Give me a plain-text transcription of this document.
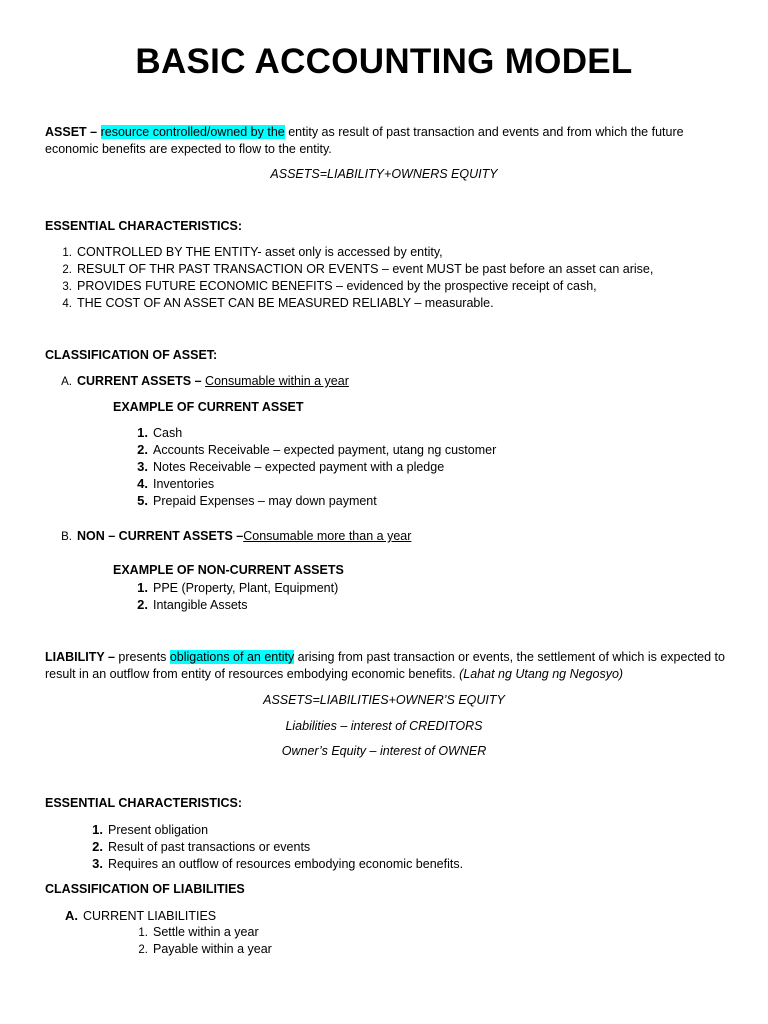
BASIC ACCOUNTING MODEL
ASSET – resource controlled/owned by the entity as result of past transaction and events and from which the future economic benefits are expected to flow to the entity.
ASSETS=LIABILITY+OWNERS EQUITY
ESSENTIAL CHARACTERISTICS:
1. CONTROLLED BY THE ENTITY- asset only is accessed by entity,
2. RESULT OF THR PAST TRANSACTION OR EVENTS – event MUST be past before an asset can arise,
3. PROVIDES FUTURE ECONOMIC BENEFITS – evidenced by the prospective receipt of cash,
4. THE COST OF AN ASSET CAN BE MEASURED RELIABLY – measurable.
CLASSIFICATION OF ASSET:
A. CURRENT ASSETS – Consumable within a year
EXAMPLE OF CURRENT ASSET
1. Cash
2. Accounts Receivable – expected payment, utang ng customer
3. Notes Receivable – expected payment with a pledge
4. Inventories
5. Prepaid Expenses – may down payment
B. NON – CURRENT ASSETS –Consumable more than a year
EXAMPLE OF NON-CURRENT ASSETS
1. PPE (Property, Plant, Equipment)
2. Intangible Assets
LIABILITY – presents obligations of an entity arising from past transaction or events, the settlement of which is expected to result in an outflow from entity of resources embodying economic benefits. (Lahat ng Utang ng Negosyo)
ASSETS=LIABILITIES+OWNER’S EQUITY
Liabilities – interest of CREDITORS
Owner’s Equity – interest of OWNER
ESSENTIAL CHARACTERISTICS:
1. Present obligation
2. Result of past transactions or events
3. Requires an outflow of resources embodying economic benefits.
CLASSIFICATION OF LIABILITIES
A. CURRENT LIABILITIES
1. Settle within a year
2. Payable within a year
